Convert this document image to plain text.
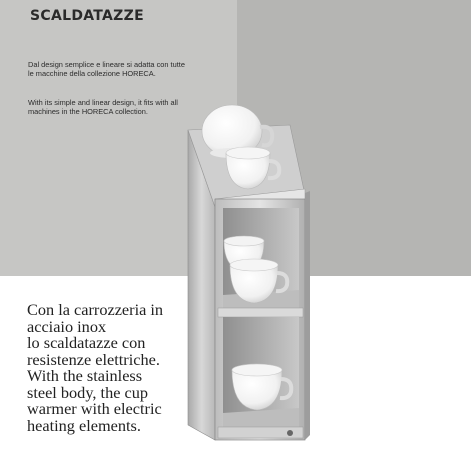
SCALDATAZZE

Dal design semplice e lineare si adatta con tutte le macchine della collezione HORECA.

With its simple and linear design, it fits with all machines in the HORECA collection.

Con la carrozzeria in
acciaio inox
lo scaldatazze con
resistenze elettriche.
With the stainless
steel body, the cup
warmer with electric
heating elements.
